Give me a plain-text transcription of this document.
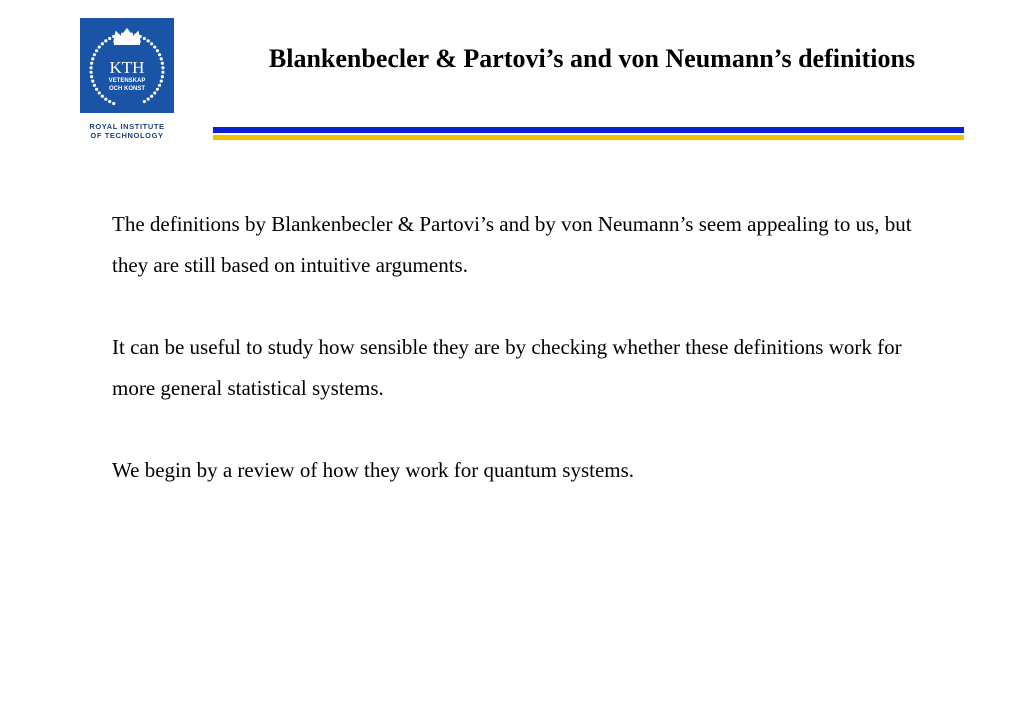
KTH
VETENSKAP
OCH KONST
ROYAL INSTITUTE
OF TECHNOLOGY
Blankenbecler & Partovi’s and von Neumann’s definitions

The definitions by Blankenbecler & Partovi’s and by von Neumann’s seem appealing to us, but they are still based on intuitive arguments.

It can be useful to study how sensible they are by checking whether these definitions work for more general statistical systems.

We begin by a review of how they work for quantum systems.
